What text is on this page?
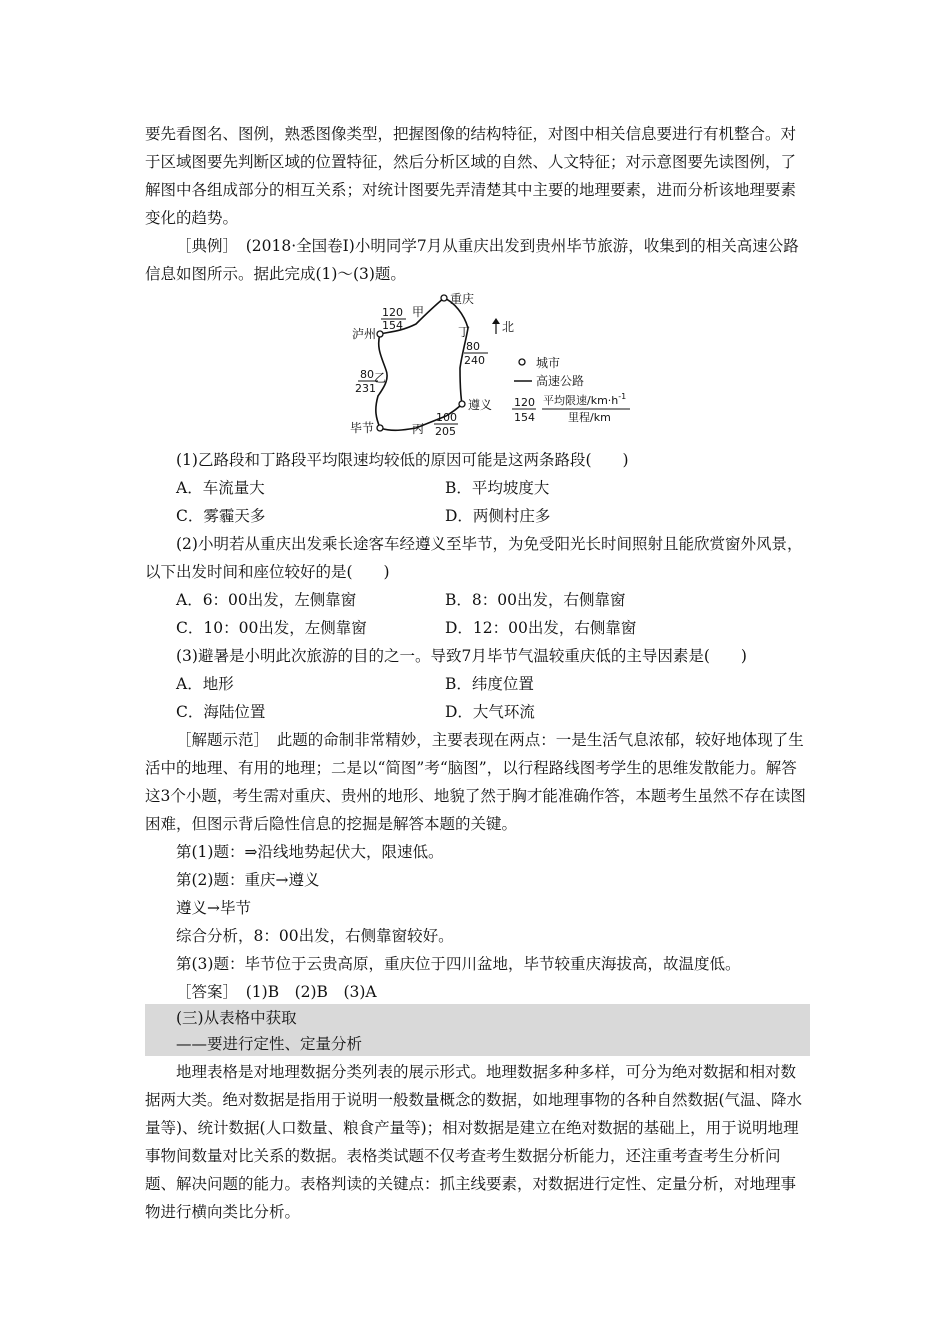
要先看图名、图例，熟悉图像类型，把握图像的结构特征，对图中相关信息要进行有机整合。对于区域图要先判断区域的位置特征，然后分析区域的自然、人文特征；对示意图要先读图例，了解图中各组成部分的相互关系；对统计图要先弄清楚其中主要的地理要素，进而分析该地理要素变化的趋势。

［典例］　(2018·全国卷Ⅰ)小明同学7月从重庆出发到贵州毕节旅游，收集到的相关高速公路信息如图所示。据此完成(1)～(3)题。

重庆
泸州
遵义
毕节
120
154
甲
80
231
乙
丙
100
205
丁
80
240
北
城市
高速公路
120
154
平均限速$/km\cdot h^{-1}$
里程/km
(1)乙路段和丁路段平均限速均较低的原因可能是这两条路段(　　)
A．车流量大	B．平均坡度大
C．雾霾天多	D．两侧村庄多

(2)小明若从重庆出发乘长途客车经遵义至毕节，为免受阳光长时间照射且能欣赏窗外风景，以下出发时间和座位较好的是(　　)

A．6：00出发，左侧靠窗	B．8：00出发，右侧靠窗
C．10：00出发，左侧靠窗	D．12：00出发，右侧靠窗
(3)避暑是小明此次旅游的目的之一。导致7月毕节气温较重庆低的主导因素是(　　)
A．地形	B．纬度位置
C．海陆位置	D．大气环流

［解题示范］　此题的命制非常精妙，主要表现在两点：一是生活气息浓郁，较好地体现了生活中的地理、有用的地理；二是以“简图”考“脑图”，以行程路线图考学生的思维发散能力。解答这3个小题，考生需对重庆、贵州的地形、地貌了然于胸才能准确作答，本题考生虽然不存在读图困难，但图示背后隐性信息的挖掘是解答本题的关键。

第(1)题：⇒沿线地势起伏大，限速低。
第(2)题：重庆→遵义
遵义→毕节
综合分析，8：00出发，右侧靠窗较好。
第(3)题：毕节位于云贵高原，重庆位于四川盆地，毕节较重庆海拔高，故温度低。
［答案］　(1)B　(2)B　(3)A
(三)从表格中获取
——要进行定性、定量分析

地理表格是对地理数据分类列表的展示形式。地理数据多种多样，可分为绝对数据和相对数据两大类。绝对数据是指用于说明一般数量概念的数据，如地理事物的各种自然数据(气温、降水量等)、统计数据(人口数量、粮食产量等)；相对数据是建立在绝对数据的基础上，用于说明地理事物间数量对比关系的数据。表格类试题不仅考查考生数据分析能力，还注重考查考生分析问题、解决问题的能力。表格判读的关键点：抓主线要素，对数据进行定性、定量分析，对地理事物进行横向类比分析。
